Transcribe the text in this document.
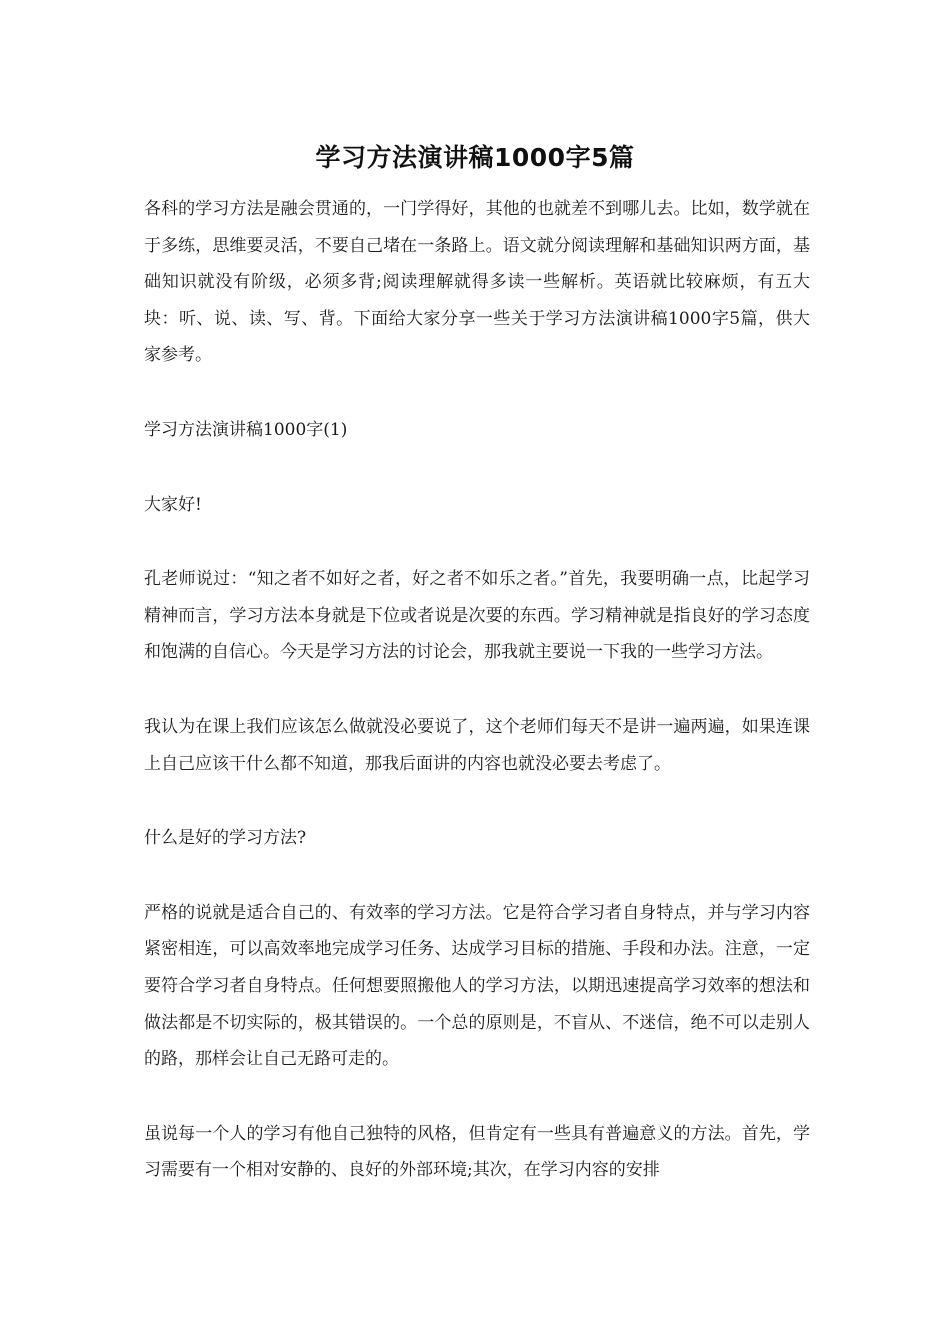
学习方法演讲稿1000字5篇

各科的学习方法是融会贯通的，一门学得好，其他的也就差不到哪儿去。比如，数学就在于多练，思维要灵活，不要自己堵在一条路上。语文就分阅读理解和基础知识两方面，基础知识就没有阶级，必须多背;阅读理解就得多读一些解析。英语就比较麻烦，有五大块：听、说、读、写、背。下面给大家分享一些关于学习方法演讲稿1000字5篇，供大家参考。

学习方法演讲稿1000字(1)

大家好!

孔老师说过：“知之者不如好之者，好之者不如乐之者。”首先，我要明确一点，比起学习精神而言，学习方法本身就是下位或者说是次要的东西。学习精神就是指良好的学习态度和饱满的自信心。今天是学习方法的讨论会，那我就主要说一下我的一些学习方法。

我认为在课上我们应该怎么做就没必要说了，这个老师们每天不是讲一遍两遍，如果连课上自己应该干什么都不知道，那我后面讲的内容也就没必要去考虑了。

什么是好的学习方法?

严格的说就是适合自己的、有效率的学习方法。它是符合学习者自身特点，并与学习内容紧密相连，可以高效率地完成学习任务、达成学习目标的措施、手段和办法。注意，一定要符合学习者自身特点。任何想要照搬他人的学习方法，以期迅速提高学习效率的想法和做法都是不切实际的，极其错误的。一个总的原则是，不盲从、不迷信，绝不可以走别人的路，那样会让自己无路可走的。

虽说每一个人的学习有他自己独特的风格，但肯定有一些具有普遍意义的方法。首先，学习需要有一个相对安静的、良好的外部环境;其次，在学习内容的安排
